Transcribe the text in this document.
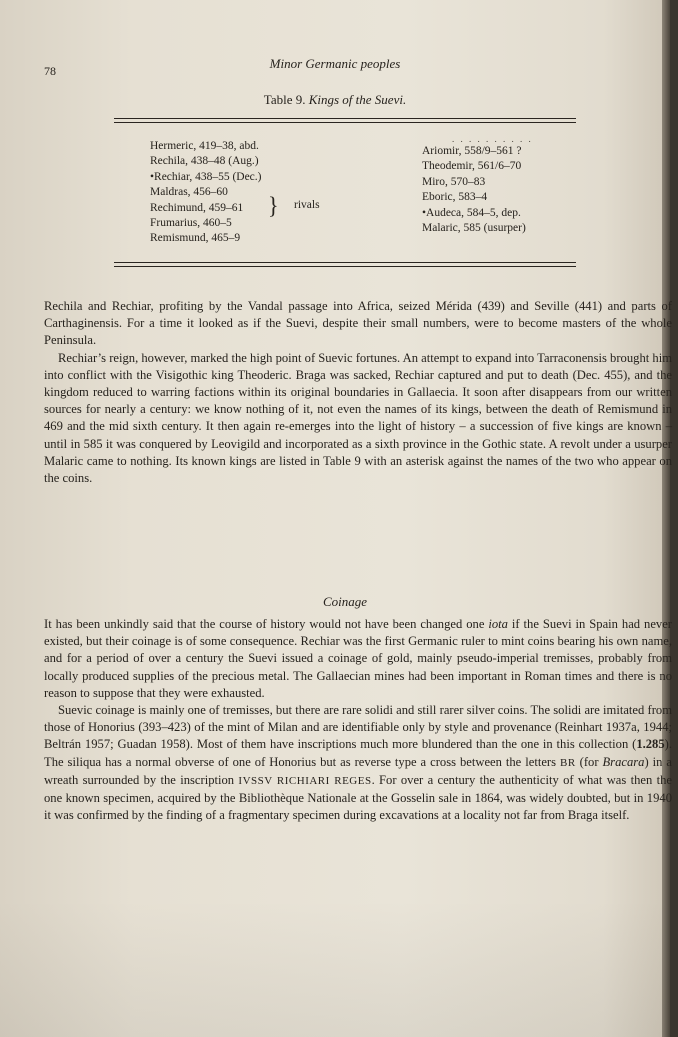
78	Minor Germanic peoples
Table 9. Kings of the Suevi.
Hermeric, 419–38, abd.
Rechila, 438–48 (Aug.)
•Rechiar, 438–55 (Dec.)
Maldras, 456–60
Rechimund, 459–61
Frumarius, 460–5
Remismund, 465–9
} rivals
. . . . . . . . . .
Ariomir, 558/9–561 ?
Theodemir, 561/6–70
Miro, 570–83
Eboric, 583–4
•Audeca, 584–5, dep.
Malaric, 585 (usurper)

Rechila and Rechiar, profiting by the Vandal passage into Africa, seized Mérida (439) and Seville (441) and parts of Carthaginensis. For a time it looked as if the Suevi, despite their small numbers, were to become masters of the whole Peninsula.

Rechiar’s reign, however, marked the high point of Suevic fortunes. An attempt to expand into Tarraconensis brought him into conflict with the Visigothic king Theoderic. Braga was sacked, Rechiar captured and put to death (Dec. 455), and the kingdom reduced to warring factions within its original boundaries in Gallaecia. It soon after disappears from our written sources for nearly a century: we know nothing of it, not even the names of its kings, between the death of Remismund in 469 and the mid sixth century. It then again re-emerges into the light of history – a succession of five kings are known – until in 585 it was conquered by Leovigild and incorporated as a sixth province in the Gothic state. A revolt under a usurper Malaric came to nothing. Its known kings are listed in Table 9 with an asterisk against the names of the two who appear on the coins.

Coinage

It has been unkindly said that the course of history would not have been changed one iota if the Suevi in Spain had never existed, but their coinage is of some consequence. Rechiar was the first Germanic ruler to mint coins bearing his own name, and for a period of over a century the Suevi issued a coinage of gold, mainly pseudo-imperial tremisses, probably from locally produced supplies of the precious metal. The Gallaecian mines had been important in Roman times and there is no reason to suppose that they were exhausted.

Suevic coinage is mainly one of tremisses, but there are rare solidi and still rarer silver coins. The solidi are imitated from those of Honorius (393–423) of the mint of Milan and are identifiable only by style and provenance (Reinhart 1937a, 1944; Beltrán 1957; Guadan 1958). Most of them have inscriptions much more blundered than the one in this collection (1.285). The siliqua has a normal obverse of one of Honorius but as reverse type a cross between the letters BR (for Bracara) in a wreath surrounded by the inscription IVSSV RICHIARI REGES. For over a century the authenticity of what was then the one known specimen, acquired by the Bibliothèque Nationale at the Gosselin sale in 1864, was widely doubted, but in 1940 it was confirmed by the finding of a fragmentary specimen during excavations at a locality not far from Braga itself.
